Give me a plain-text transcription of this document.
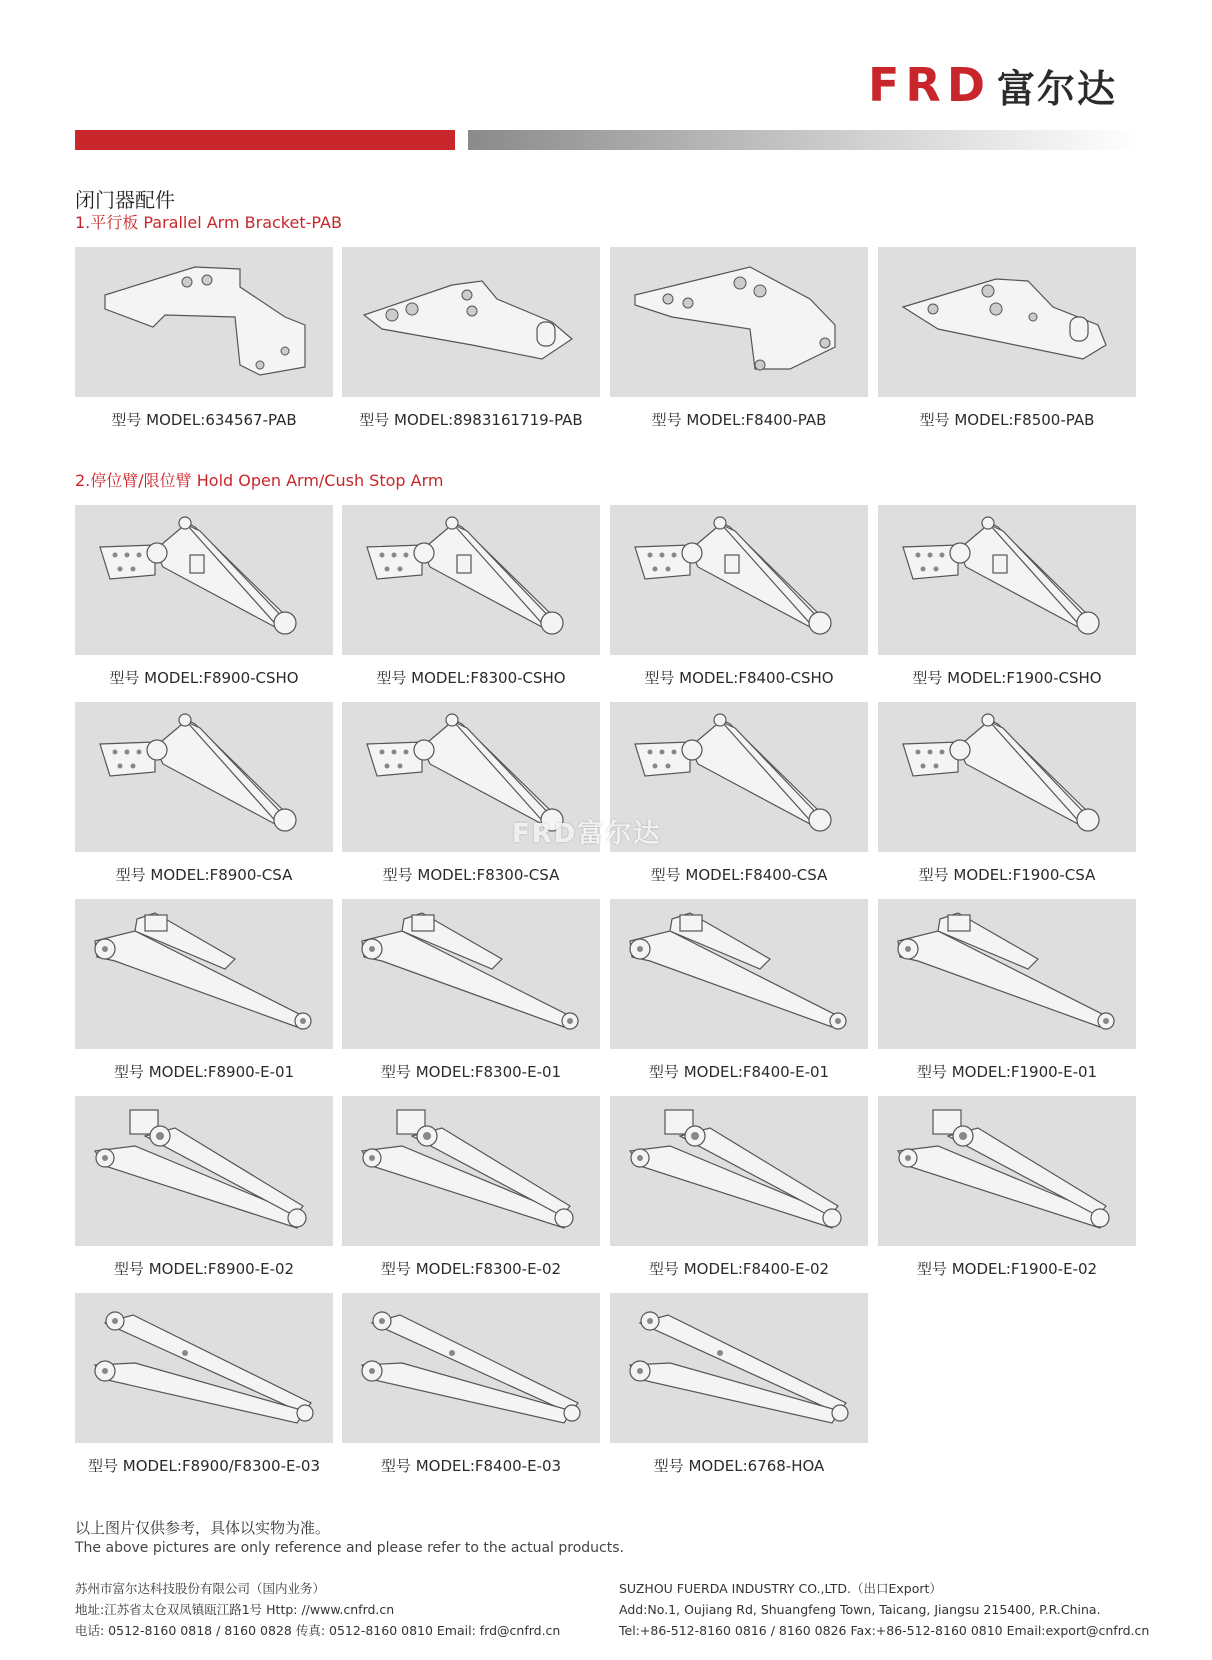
FRD 富尔达
闭门器配件
1.平行板 Parallel Arm Bracket-PAB
型号 MODEL:634567-PAB	型号 MODEL:8983161719-PAB	型号 MODEL:F8400-PAB	型号 MODEL:F8500-PAB
2.停位臂/限位臂 Hold Open Arm/Cush Stop Arm
型号 MODEL:F8900-CSHO	型号 MODEL:F8300-CSHO	型号 MODEL:F8400-CSHO	型号 MODEL:F1900-CSHO
型号 MODEL:F8900-CSA	型号 MODEL:F8300-CSA	型号 MODEL:F8400-CSA	型号 MODEL:F1900-CSA
型号 MODEL:F8900-E-01	型号 MODEL:F8300-E-01	型号 MODEL:F8400-E-01	型号 MODEL:F1900-E-01
型号 MODEL:F8900-E-02	型号 MODEL:F8300-E-02	型号 MODEL:F8400-E-02	型号 MODEL:F1900-E-02
型号 MODEL:F8900/F8300-E-03	型号 MODEL:F8400-E-03	型号 MODEL:6768-HOA
FRD富尔达
以上图片仅供参考，具体以实物为准。
The above pictures are only reference and please refer to the actual products.
苏州市富尔达科技股份有限公司（国内业务）
地址:江苏省太仓双凤镇瓯江路1号 Http: //www.cnfrd.cn
电话: 0512-8160 0818 / 8160 0828 传真: 0512-8160 0810 Email: frd@cnfrd.cn
SUZHOU FUERDA INDUSTRY CO.,LTD.（出口Export）
Add:No.1, Oujiang Rd, Shuangfeng Town, Taicang, Jiangsu 215400, P.R.China.
Tel:+86-512-8160 0816 / 8160 0826 Fax:+86-512-8160 0810 Email:export@cnfrd.cn
